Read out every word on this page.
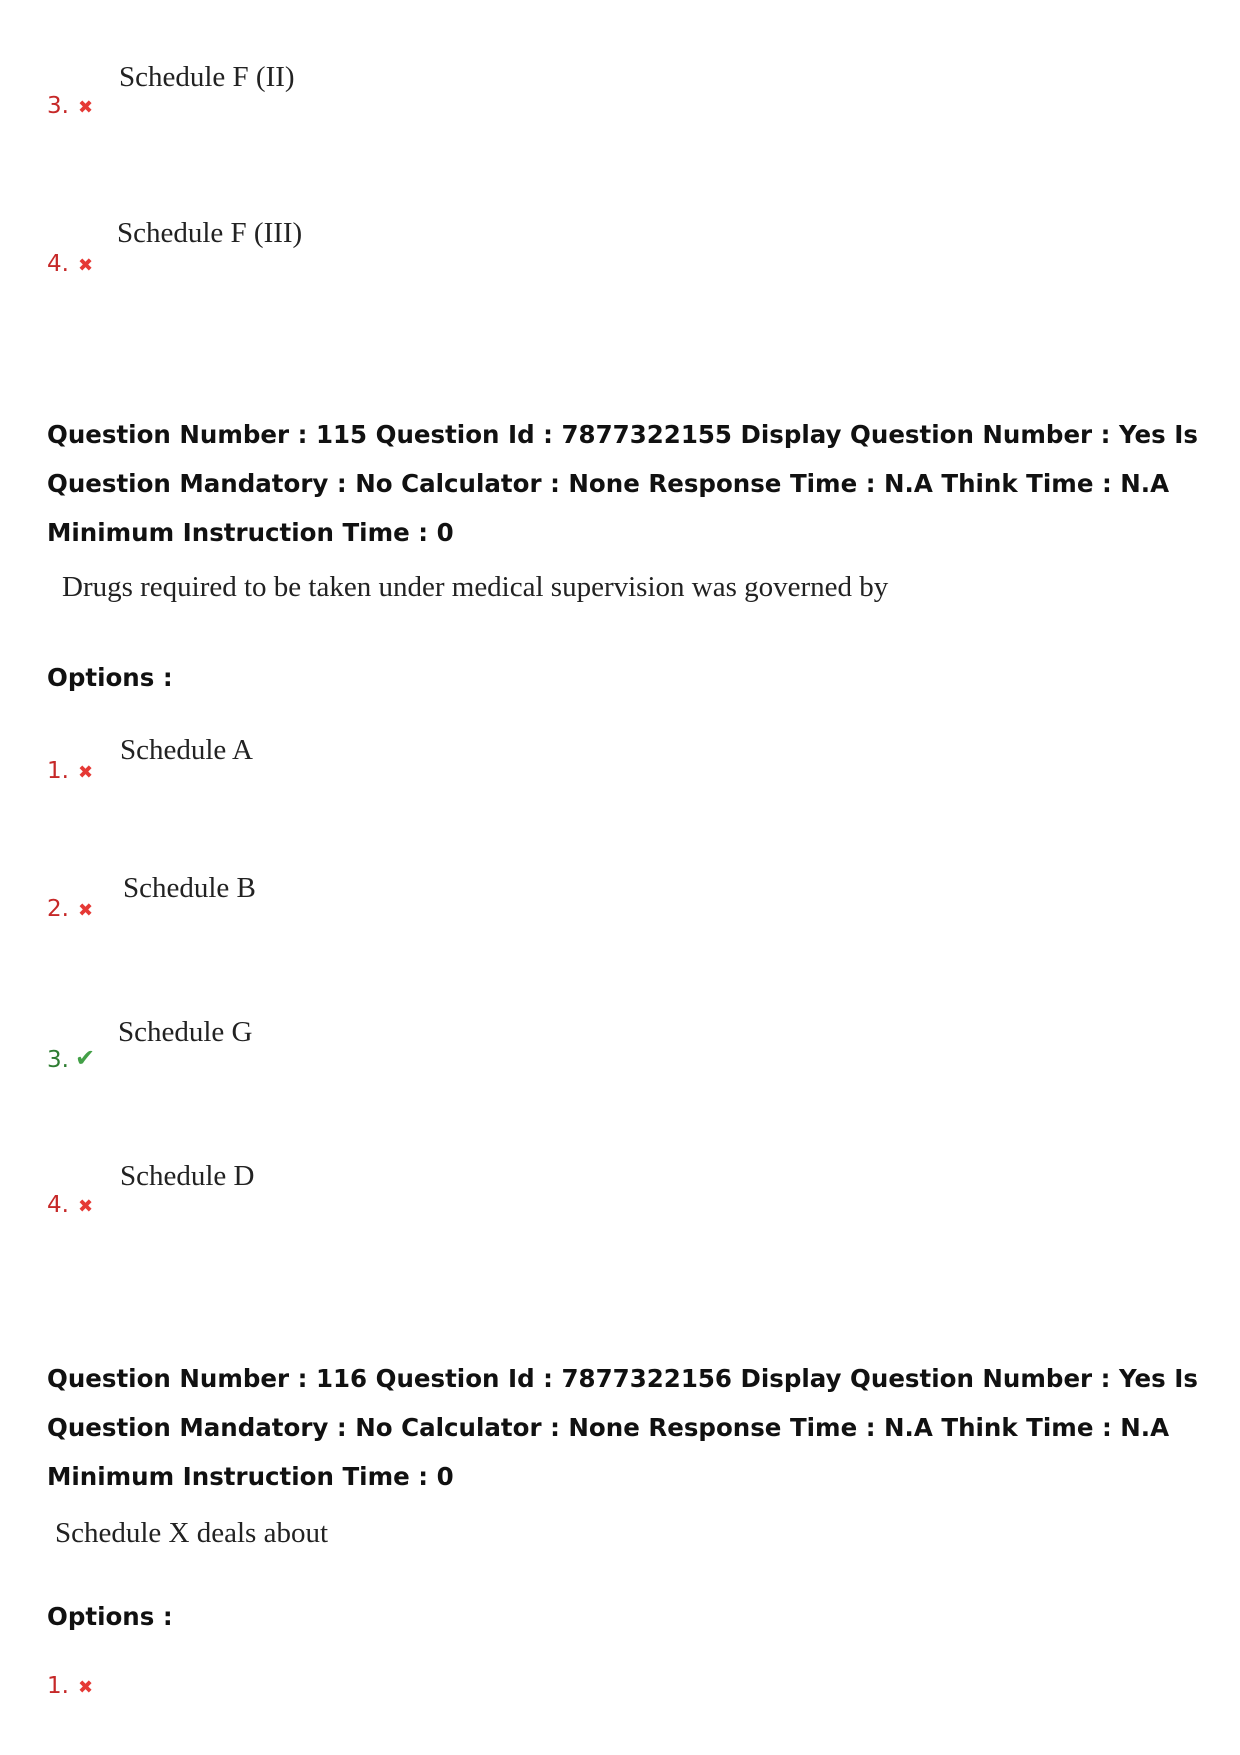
3. ✖
Schedule F (II)
4. ✖
Schedule F (III)
Question Number : 115 Question Id : 7877322155 Display Question Number : Yes Is Question Mandatory : No Calculator : None Response Time : N.A Think Time : N.A Minimum Instruction Time : 0
Drugs required to be taken under medical supervision was governed by
Options :
1. ✖
Schedule A
2. ✖
Schedule B
3. ✔
Schedule G
4. ✖
Schedule D
Question Number : 116 Question Id : 7877322156 Display Question Number : Yes Is Question Mandatory : No Calculator : None Response Time : N.A Think Time : N.A Minimum Instruction Time : 0
Schedule X deals about
Options :
1. ✖
